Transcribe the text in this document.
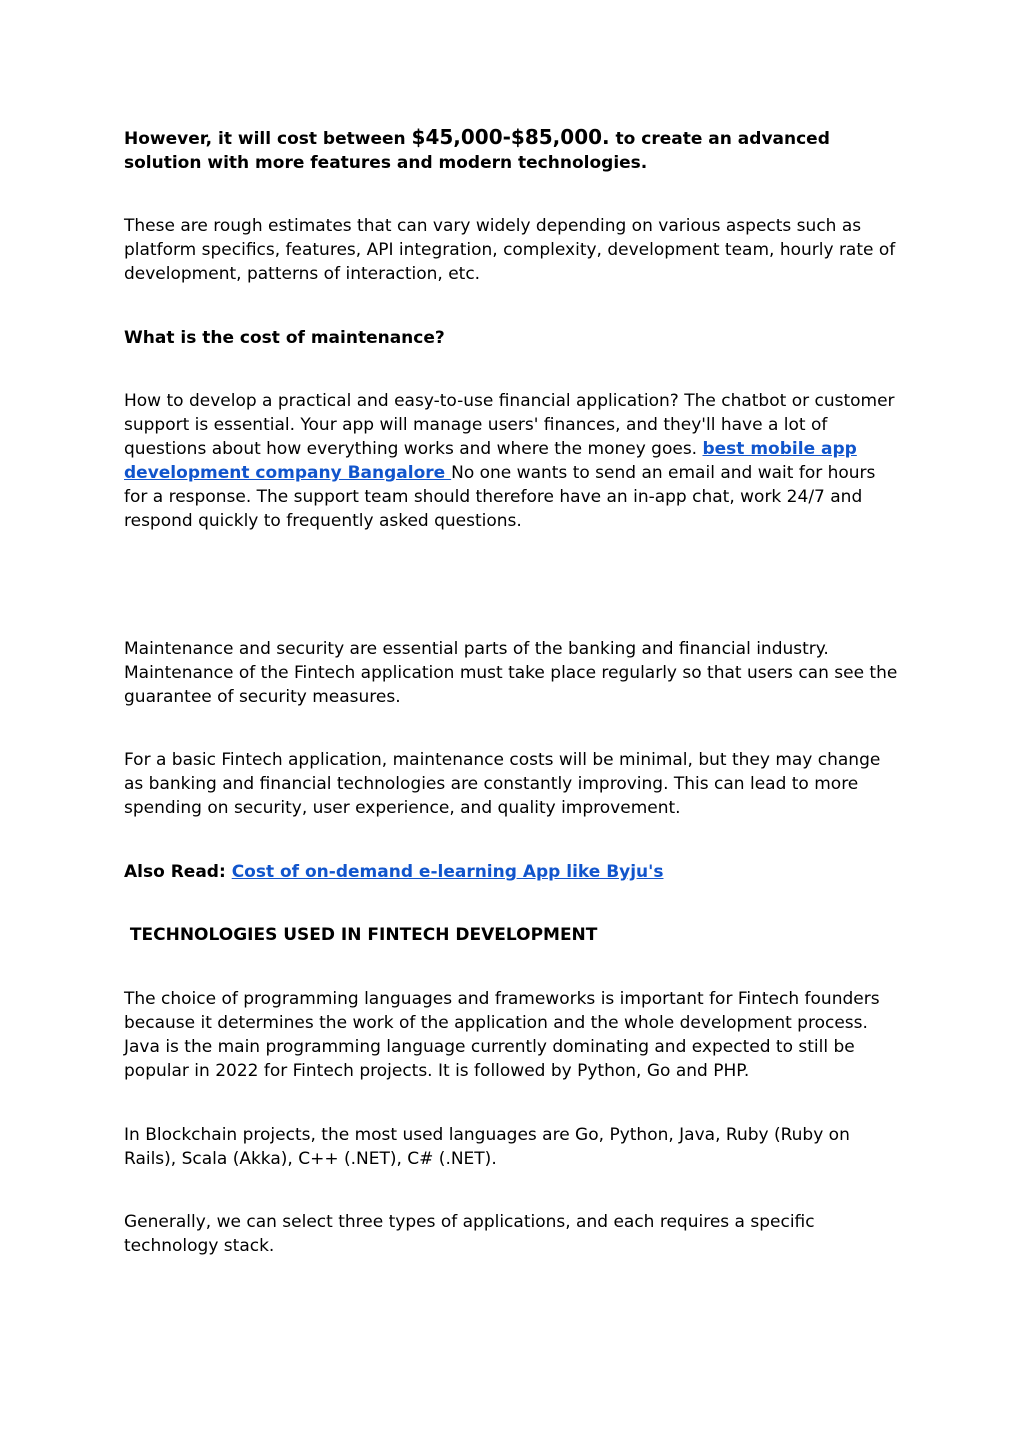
However, it will cost between $45,000-$85,000. to create an advanced solution with more features and modern technologies.

These are rough estimates that can vary widely depending on various aspects such as platform specifics, features, API integration, complexity, development team, hourly rate of development, patterns of interaction, etc.

What is the cost of maintenance?

How to develop a practical and easy-to-use financial application? The chatbot or customer support is essential. Your app will manage users' finances, and they'll have a lot of questions about how everything works and where the money goes. best mobile app development company Bangalore No one wants to send an email and wait for hours for a response. The support team should therefore have an in-app chat, work 24/7 and respond quickly to frequently asked questions.

Maintenance and security are essential parts of the banking and financial industry. Maintenance of the Fintech application must take place regularly so that users can see the guarantee of security measures.

For a basic Fintech application, maintenance costs will be minimal, but they may change as banking and financial technologies are constantly improving. This can lead to more spending on security, user experience, and quality improvement.

Also Read: Cost of on-demand e-learning App like Byju's

TECHNOLOGIES USED IN FINTECH DEVELOPMENT

The choice of programming languages and frameworks is important for Fintech founders because it determines the work of the application and the whole development process. Java is the main programming language currently dominating and expected to still be popular in 2022 for Fintech projects. It is followed by Python, Go and PHP.

In Blockchain projects, the most used languages are Go, Python, Java, Ruby (Ruby on Rails), Scala (Akka), C++ (.NET), C# (.NET).

Generally, we can select three types of applications, and each requires a specific technology stack.
